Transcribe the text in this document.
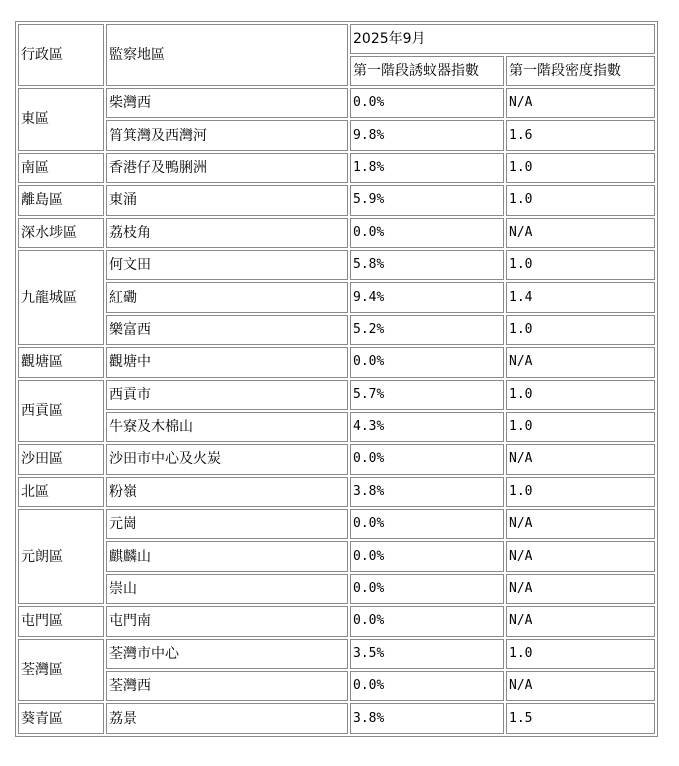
行政區	監察地區	2025年9月	
		第一階段誘蚊器指數	第一階段密度指數
東區	柴灣西	0.0%	N/A
	筲箕灣及西灣河	9.8%	1.6
南區	香港仔及鴨脷洲	1.8%	1.0
離島區	東涌	5.9%	1.0
深水埗區	荔枝角	0.0%	N/A
九龍城區	何文田	5.8%	1.0
	紅磡	9.4%	1.4
	樂富西	5.2%	1.0
觀塘區	觀塘中	0.0%	N/A
西貢區	西貢市	5.7%	1.0
	牛寮及木棉山	4.3%	1.0
沙田區	沙田市中心及火炭	0.0%	N/A
北區	粉嶺	3.8%	1.0
元朗區	元崗	0.0%	N/A
	麒麟山	0.0%	N/A
	崇山	0.0%	N/A
屯門區	屯門南	0.0%	N/A
荃灣區	荃灣市中心	3.5%	1.0
	荃灣西	0.0%	N/A
葵青區	荔景	3.8%	1.5
